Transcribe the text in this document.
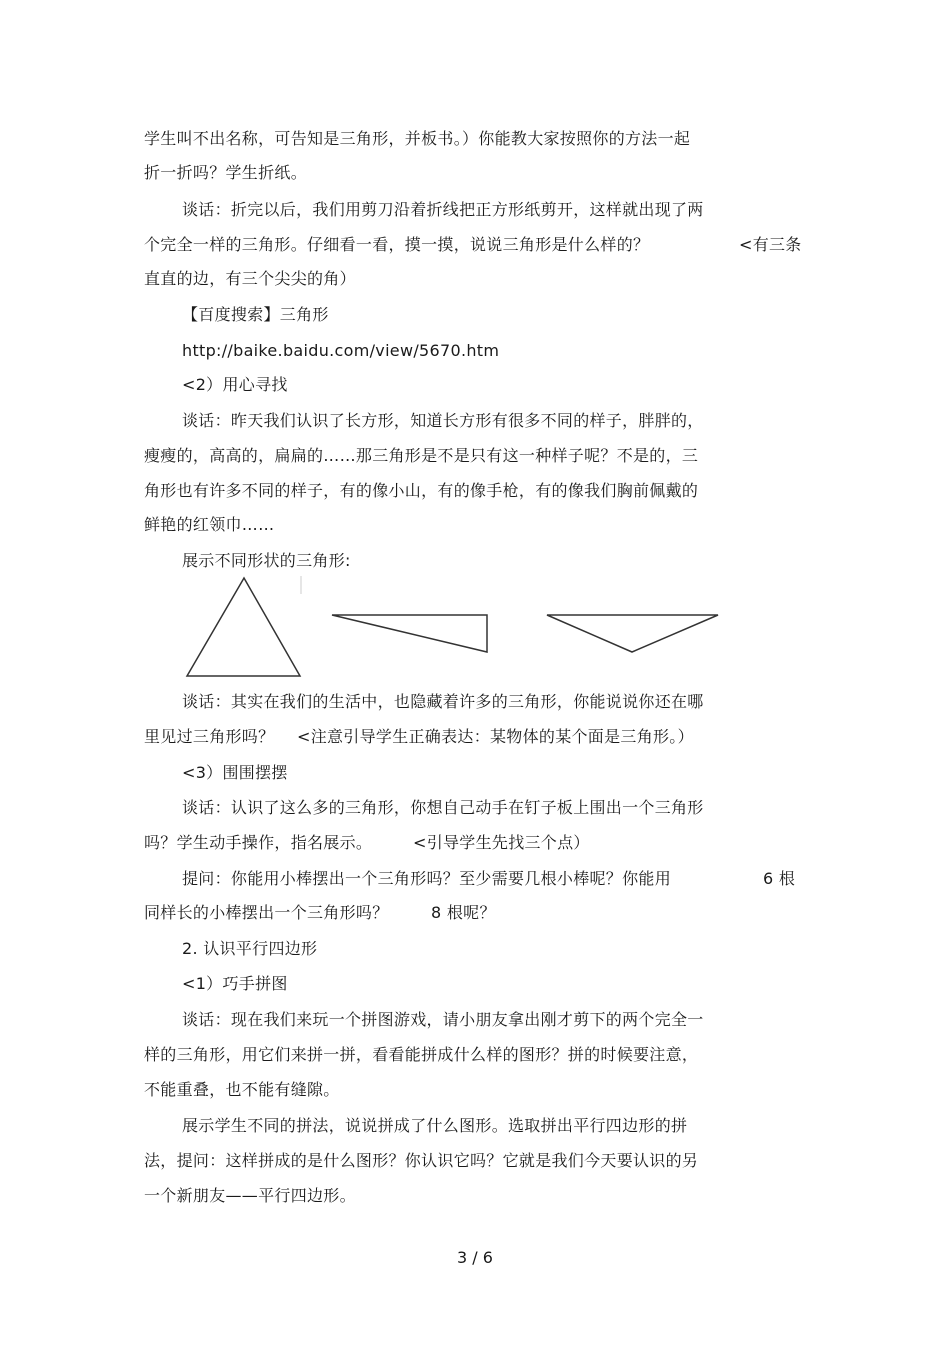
学生叫不出名称，可告知是三角形，并板书。）你能教大家按照你的方法一起
折一折吗？学生折纸。
谈话：折完以后，我们用剪刀沿着折线把正方形纸剪开，这样就出现了两
个完全一样的三角形。仔细看一看，摸一摸，说说三角形是什么样的？	<有三条
直直的边，有三个尖尖的角）
【百度搜索】三角形
http://baike.baidu.com/view/5670.htm
<2）用心寻找
谈话：昨天我们认识了长方形，知道长方形有很多不同的样子，胖胖的，
瘦瘦的，高高的，扁扁的……那三角形是不是只有这一种样子呢？不是的，三
角形也有许多不同的样子，有的像小山，有的像手枪，有的像我们胸前佩戴的
鲜艳的红领巾……
展示不同形状的三角形:
谈话：其实在我们的生活中，也隐藏着许多的三角形，你能说说你还在哪
里见过三角形吗？ <注意引导学生正确表达：某物体的某个面是三角形。）
<3）围围摆摆
谈话：认识了这么多的三角形，你想自己动手在钉子板上围出一个三角形
吗？学生动手操作，指名展示。	<引导学生先找三个点）
提问：你能用小棒摆出一个三角形吗？至少需要几根小棒呢？你能用	6 根
同样长的小棒摆出一个三角形吗？	8 根呢？
2. 认识平行四边形
<1）巧手拼图
谈话：现在我们来玩一个拼图游戏，请小朋友拿出刚才剪下的两个完全一
样的三角形，用它们来拼一拼，看看能拼成什么样的图形？拼的时候要注意，
不能重叠，也不能有缝隙。
展示学生不同的拼法，说说拼成了什么图形。选取拼出平行四边形的拼
法，提问：这样拼成的是什么图形？你认识它吗？它就是我们今天要认识的另
一个新朋友——平行四边形。
3 / 6
